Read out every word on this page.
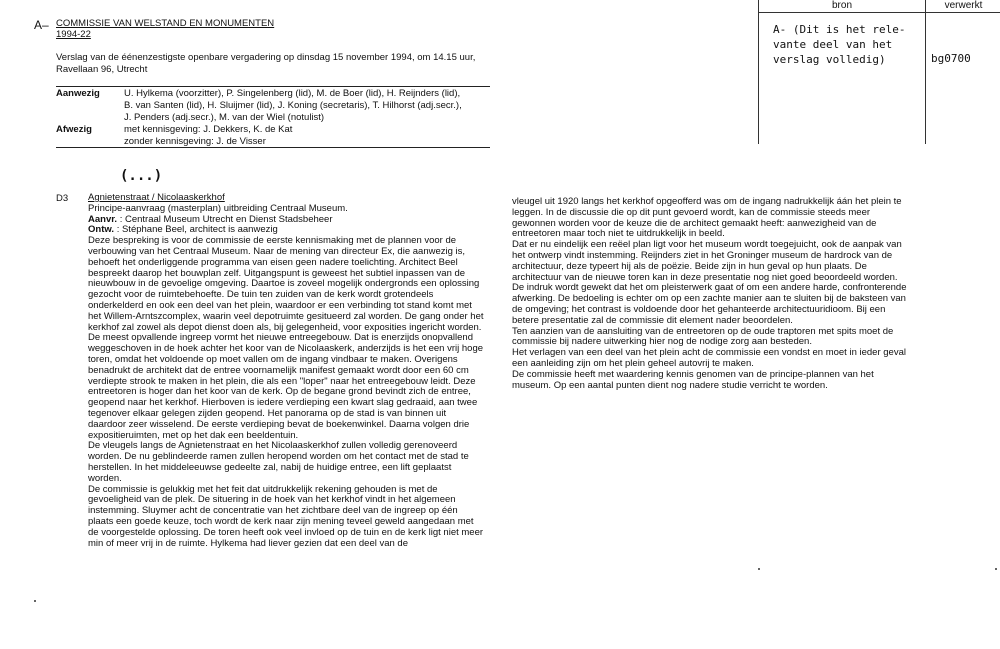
A‒ COMMISSIE VAN WELSTAND EN MONUMENTEN
1994-22
Verslag van de éénenzestigste openbare vergadering op dinsdag 15 november 1994, om 14.15 uur, Ravellaan 96, Utrecht
Aanwezig	U. Hylkema (voorzitter), P. Singelenberg (lid), M. de Boer (lid), H. Reijnders (lid),
B. van Santen (lid), H. Sluijmer (lid), J. Koning (secretaris), T. Hilhorst (adj.secr.),
J. Penders (adj.secr.), M. van der Wiel (notulist)
Afwezig	met kennisgeving: J. Dekkers, K. de Kat
zonder kennisgeving: J. de Visser
bron	verwerkt
A- (Dit is het rele-
vante deel van het
verslag volledig)	bg0700
(...)
D3 Agnietenstraat / Nicolaaskerkhof

Principe-aanvraag (masterplan) uitbreiding Centraal Museum.

Aanvr. : Centraal Museum Utrecht en Dienst Stadsbeheer

Ontw. : Stéphane Beel, architect is aanwezig

Deze bespreking is voor de commissie de eerste kennismaking met de plannen voor de verbouwing van het Centraal Museum. Naar de mening van directeur Ex, die aanwezig is, behoeft het onderliggende programma van eisen geen nadere toelichting. Architect Beel bespreekt daarop het bouwplan zelf. Uitgangspunt is geweest het subtiel inpassen van de nieuwbouw in de gevoelige omgeving. Daartoe is zoveel mogelijk ondergronds een oplossing gezocht voor de ruimtebehoefte. De tuin ten zuiden van de kerk wordt grotendeels onderkelderd en ook een deel van het plein, waardoor er een verbinding tot stand komt met het Willem-Arntszcomplex, waarin veel depotruimte gesitueerd zal worden. De gang onder het kerkhof zal zowel als depot dienst doen als, bij gelegenheid, voor exposities ingericht worden.

De meest opvallende ingreep vormt het nieuwe entreegebouw. Dat is enerzijds onopvallend weggeschoven in de hoek achter het koor van de Nicolaaskerk, anderzijds is het een vrij hoge toren, omdat het voldoende op moet vallen om de ingang vindbaar te maken. Overigens benadrukt de architekt dat de entree voornamelijk manifest gemaakt wordt door een 60 cm verdiepte strook te maken in het plein, die als een "loper" naar het entreegebouw leidt. Deze entreetoren is hoger dan het koor van de kerk. Op de begane grond bevindt zich de entree, geopend naar het kerkhof. Hierboven is iedere verdieping een kwart slag gedraaid, aan twee tegenover elkaar gelegen zijden geopend. Het panorama op de stad is van binnen uit daardoor zeer wisselend. De eerste verdieping bevat de boekenwinkel. Daarna volgen drie expositieruimten, met op het dak een beeldentuin.

De vleugels langs de Agnietenstraat en het Nicolaaskerkhof zullen volledig gerenoveerd worden. De nu geblindeerde ramen zullen heropend worden om het contact met de stad te herstellen. In het middeleeuwse gedeelte zal, nabij de huidige entree, een lift geplaatst worden.

De commissie is gelukkig met het feit dat uitdrukkelijk rekening gehouden is met de gevoeligheid van de plek. De situering in de hoek van het kerkhof vindt in het algemeen instemming. Sluymer acht de concentratie van het zichtbare deel van de ingreep op één plaats een goede keuze, toch wordt de kerk naar zijn mening teveel geweld aangedaan met de voorgestelde oplossing. De toren heeft ook veel invloed op de tuin en de kerk ligt niet meer min of meer vrij in de ruimte. Hylkema had liever gezien dat een deel van de

vleugel uit 1920 langs het kerkhof opgeofferd was om de ingang nadrukkelijk áán het plein te leggen. In de discussie die op dit punt gevoerd wordt, kan de commissie steeds meer gewonnen worden voor de keuze die de architect gemaakt heeft: aanwezigheid van de entreetoren maar toch niet te uitdrukkelijk in beeld.

Dat er nu eindelijk een reëel plan ligt voor het museum wordt toegejuicht, ook de aanpak van het ontwerp vindt instemming. Reijnders ziet in het Groninger museum de hardrock van de architectuur, deze typeert hij als de poëzie. Beide zijn in hun geval op hun plaats. De architectuur van de nieuwe toren kan in deze presentatie nog niet goed beoordeeld worden. De indruk wordt gewekt dat het om pleisterwerk gaat of om een andere harde, confronterende afwerking. De bedoeling is echter om op een zachte manier aan te sluiten bij de baksteen van de omgeving; het contrast is voldoende door het gehanteerde architectuuridioom. Bij een betere presentatie zal de commissie dit element nader beoordelen.

Ten aanzien van de aansluiting van de entreetoren op de oude traptoren met spits moet de commissie bij nadere uitwerking hier nog de nodige zorg aan besteden.

Het verlagen van een deel van het plein acht de commissie een vondst en moet in ieder geval een aanleiding zijn om het plein geheel autovrij te maken.

De commissie heeft met waardering kennis genomen van de principe-plannen van het museum. Op een aantal punten dient nog nadere studie verricht te worden.
